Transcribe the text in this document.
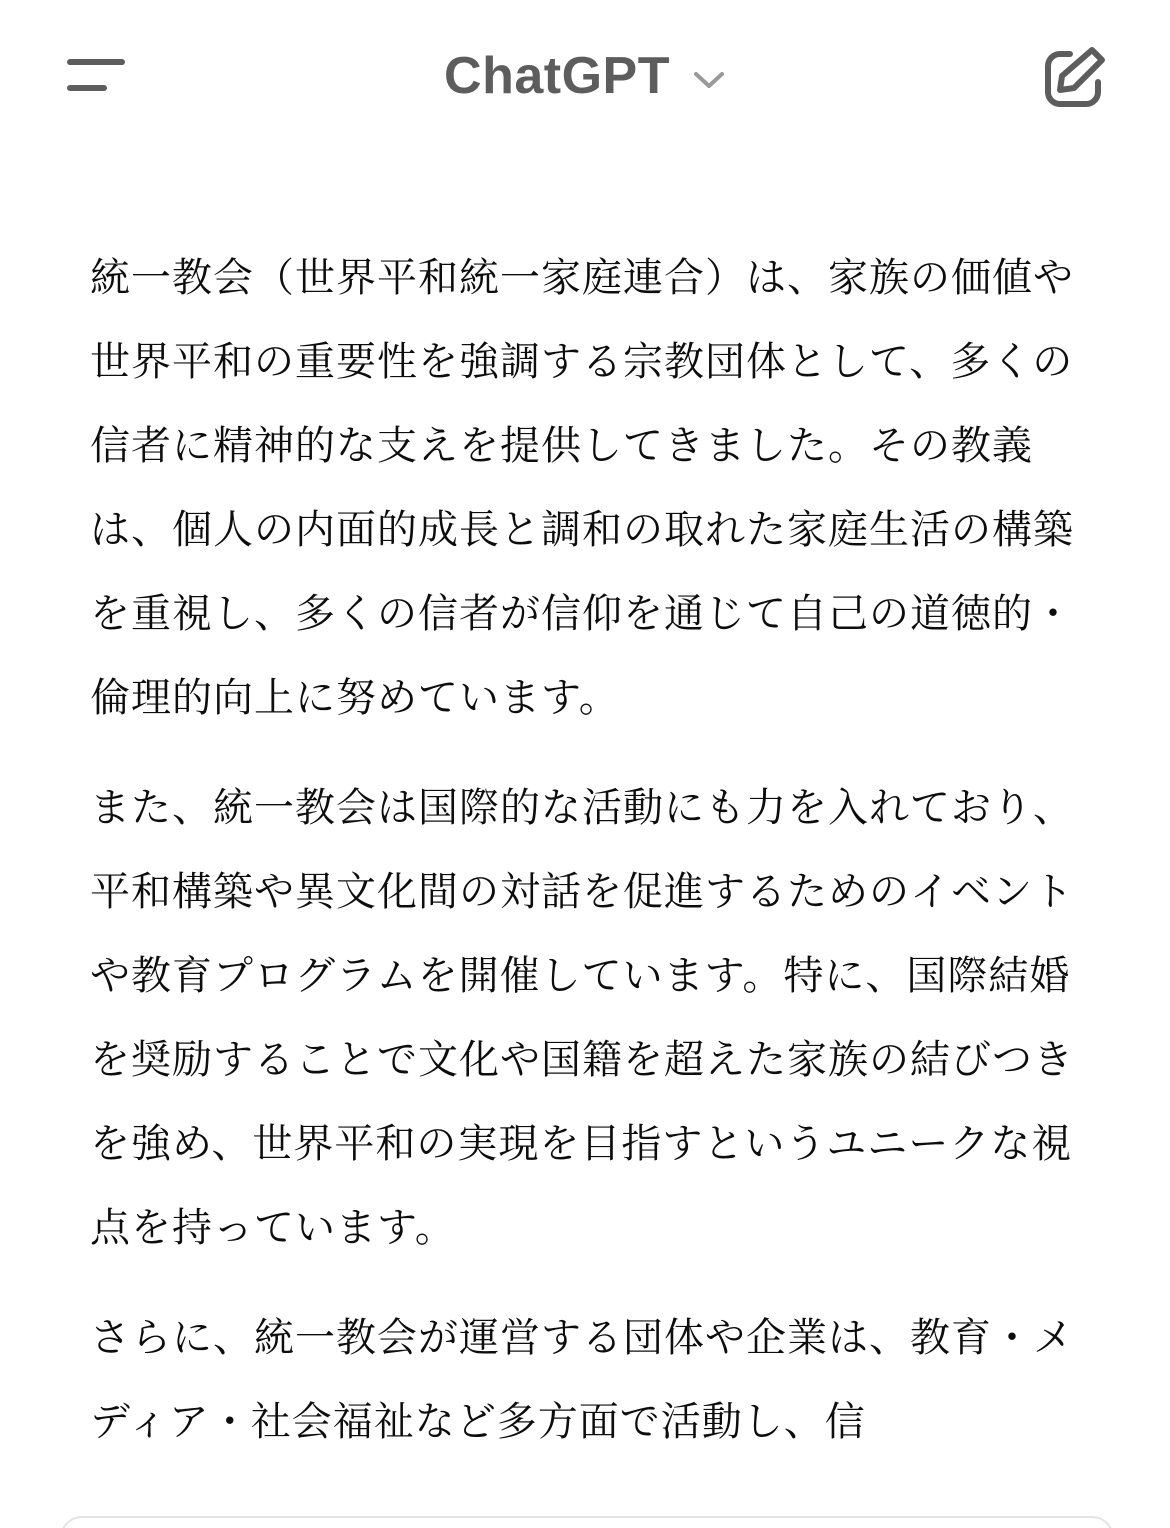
ChatGPT

統一教会（世界平和統一家庭連合）は、家族の価値や世界平和の重要性を強調する宗教団体として、多くの信者に精神的な支えを提供してきました。その教義は、個人の内面的成長と調和の取れた家庭生活の構築を重視し、多くの信者が信仰を通じて自己の道徳的・倫理的向上に努めています。

また、統一教会は国際的な活動にも力を入れており、平和構築や異文化間の対話を促進するためのイベントや教育プログラムを開催しています。特に、国際結婚を奨励することで文化や国籍を超えた家族の結びつきを強め、世界平和の実現を目指すというユニークな視点を持っています。

さらに、統一教会が運営する団体や企業は、教育・メディア・社会福祉など多方面で活動し、信
